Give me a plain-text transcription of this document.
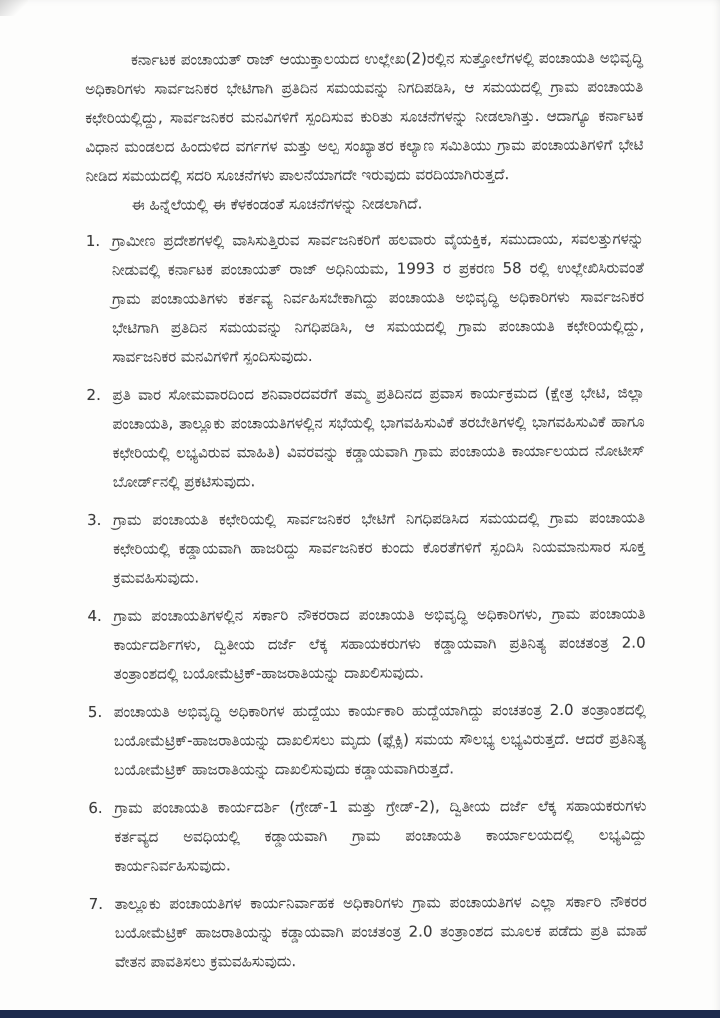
ಕರ್ನಾಟಕ ಪಂಚಾಯತ್ ರಾಜ್ ಆಯುಕ್ತಾಲಯದ ಉಲ್ಲೇಖ(2)ರಲ್ಲಿನ ಸುತ್ತೋಲೆಗಳಲ್ಲಿ ಪಂಚಾಯತಿ ಅಭಿವೃದ್ಧಿ ಅಧಿಕಾರಿಗಳು ಸಾರ್ವಜನಿಕರ ಭೇಟಿಗಾಗಿ ಪ್ರತಿದಿನ ಸಮಯವನ್ನು ನಿಗದಿಪಡಿಸಿ, ಆ ಸಮಯದಲ್ಲಿ ಗ್ರಾಮ ಪಂಚಾಯತಿ ಕಛೇರಿಯಲ್ಲಿದ್ದು, ಸಾರ್ವಜನಿಕರ ಮನವಿಗಳಿಗೆ ಸ್ಪಂದಿಸುವ ಕುರಿತು ಸೂಚನೆಗಳನ್ನು ನೀಡಲಾಗಿತ್ತು. ಆದಾಗ್ಯೂ ಕರ್ನಾಟಕ ವಿಧಾನ ಮಂಡಲದ ಹಿಂದುಳಿದ ವರ್ಗಗಳ ಮತ್ತು ಅಲ್ಪ ಸಂಖ್ಯಾತರ ಕಲ್ಯಾಣ ಸಮಿತಿಯು ಗ್ರಾಮ ಪಂಚಾಯತಿಗಳಿಗೆ ಭೇಟಿ ನೀಡಿದ ಸಮಯದಲ್ಲಿ ಸದರಿ ಸೂಚನೆಗಳು ಪಾಲನೆಯಾಗದೇ ಇರುವುದು ವರದಿಯಾಗಿರುತ್ತದೆ.

ಈ ಹಿನ್ನೆಲೆಯಲ್ಲಿ ಈ ಕೆಳಕಂಡಂತೆ ಸೂಚನೆಗಳನ್ನು ನೀಡಲಾಗಿದೆ.

1. ಗ್ರಾಮೀಣ ಪ್ರದೇಶಗಳಲ್ಲಿ ವಾಸಿಸುತ್ತಿರುವ ಸಾರ್ವಜನಿಕರಿಗೆ ಹಲವಾರು ವೈಯಕ್ತಿಕ, ಸಮುದಾಯ, ಸವಲತ್ತುಗಳನ್ನು ನೀಡುವಲ್ಲಿ ಕರ್ನಾಟಕ ಪಂಚಾಯತ್ ರಾಜ್ ಅಧಿನಿಯಮ, 1993 ರ ಪ್ರಕರಣ 58 ರಲ್ಲಿ ಉಲ್ಲೇಖಿಸಿರುವಂತೆ ಗ್ರಾಮ ಪಂಚಾಯತಿಗಳು ಕರ್ತವ್ಯ ನಿರ್ವಹಿಸಬೇಕಾಗಿದ್ದು ಪಂಚಾಯತಿ ಅಭಿವೃದ್ಧಿ ಅಧಿಕಾರಿಗಳು ಸಾರ್ವಜನಿಕರ ಭೇಟಿಗಾಗಿ ಪ್ರತಿದಿನ ಸಮಯವನ್ನು ನಿಗಧಿಪಡಿಸಿ, ಆ ಸಮಯದಲ್ಲಿ ಗ್ರಾಮ ಪಂಚಾಯತಿ ಕಛೇರಿಯಲ್ಲಿದ್ದು, ಸಾರ್ವಜನಿಕರ ಮನವಿಗಳಿಗೆ ಸ್ಪಂದಿಸುವುದು.
2. ಪ್ರತಿ ವಾರ ಸೋಮವಾರದಿಂದ ಶನಿವಾರದವರೆಗೆ ತಮ್ಮ ಪ್ರತಿದಿನದ ಪ್ರವಾಸ ಕಾರ್ಯಕ್ರಮದ (ಕ್ಷೇತ್ರ ಭೇಟಿ, ಜಿಲ್ಲಾ ಪಂಚಾಯತಿ, ತಾಲ್ಲೂಕು ಪಂಚಾಯತಿಗಳಲ್ಲಿನ ಸಭೆಯಲ್ಲಿ ಭಾಗವಹಿಸುವಿಕೆ ತರಬೇತಿಗಳಲ್ಲಿ ಭಾಗವಹಿಸುವಿಕೆ ಹಾಗೂ ಕಛೇರಿಯಲ್ಲಿ ಲಭ್ಯವಿರುವ ಮಾಹಿತಿ) ವಿವರವನ್ನು ಕಡ್ಡಾಯವಾಗಿ ಗ್ರಾಮ ಪಂಚಾಯತಿ ಕಾರ್ಯಾಲಯದ ನೋಟೀಸ್ ಬೋರ್ಡ್‌ನಲ್ಲಿ ಪ್ರಕಟಿಸುವುದು.
3. ಗ್ರಾಮ ಪಂಚಾಯತಿ ಕಛೇರಿಯಲ್ಲಿ ಸಾರ್ವಜನಿಕರ ಭೇಟಿಗೆ ನಿಗಧಿಪಡಿಸಿದ ಸಮಯದಲ್ಲಿ ಗ್ರಾಮ ಪಂಚಾಯತಿ ಕಛೇರಿಯಲ್ಲಿ ಕಡ್ಡಾಯವಾಗಿ ಹಾಜರಿದ್ದು ಸಾರ್ವಜನಿಕರ ಕುಂದು ಕೊರತೆಗಳಿಗೆ ಸ್ಪಂದಿಸಿ ನಿಯಮಾನುಸಾರ ಸೂಕ್ತ ಕ್ರಮವಹಿಸುವುದು.
4. ಗ್ರಾಮ ಪಂಚಾಯತಿಗಳಲ್ಲಿನ ಸರ್ಕಾರಿ ನೌಕರರಾದ ಪಂಚಾಯತಿ ಅಭಿವೃದ್ಧಿ ಅಧಿಕಾರಿಗಳು, ಗ್ರಾಮ ಪಂಚಾಯತಿ ಕಾರ್ಯದರ್ಶಿಗಳು, ದ್ವಿತೀಯ ದರ್ಜೆ ಲೆಕ್ಕ ಸಹಾಯಕರುಗಳು ಕಡ್ಡಾಯವಾಗಿ ಪ್ರತಿನಿತ್ಯ ಪಂಚತಂತ್ರ 2.0 ತಂತ್ರಾಂಶದಲ್ಲಿ ಬಯೋಮೆಟ್ರಿಕ್-ಹಾಜರಾತಿಯನ್ನು ದಾಖಲಿಸುವುದು.
5. ಪಂಚಾಯತಿ ಅಭಿವೃದ್ಧಿ ಅಧಿಕಾರಿಗಳ ಹುದ್ದೆಯು ಕಾರ್ಯಕಾರಿ ಹುದ್ದೆಯಾಗಿದ್ದು ಪಂಚತಂತ್ರ 2.0 ತಂತ್ರಾಂಶದಲ್ಲಿ ಬಯೋಮೆಟ್ರಿಕ್-ಹಾಜರಾತಿಯನ್ನು ದಾಖಲಿಸಲು ಮೃದು (ಫ್ಲೆಕ್ಸಿ) ಸಮಯ ಸೌಲಭ್ಯ ಲಭ್ಯವಿರುತ್ತದೆ. ಆದರೆ ಪ್ರತಿನಿತ್ಯ ಬಯೋಮೆಟ್ರಿಕ್ ಹಾಜರಾತಿಯನ್ನು ದಾಖಲಿಸುವುದು ಕಡ್ಡಾಯವಾಗಿರುತ್ತದೆ.
6. ಗ್ರಾಮ ಪಂಚಾಯತಿ ಕಾರ್ಯದರ್ಶಿ (ಗ್ರೇಡ್-1 ಮತ್ತು ಗ್ರೇಡ್-2), ದ್ವಿತೀಯ ದರ್ಜೆ ಲೆಕ್ಕ ಸಹಾಯಕರುಗಳು ಕರ್ತವ್ಯದ ಅವಧಿಯಲ್ಲಿ ಕಡ್ಡಾಯವಾಗಿ ಗ್ರಾಮ ಪಂಚಾಯತಿ ಕಾರ್ಯಾಲಯದಲ್ಲಿ ಲಭ್ಯವಿದ್ದು ಕಾರ್ಯನಿರ್ವಹಿಸುವುದು.
7. ತಾಲ್ಲೂಕು ಪಂಚಾಯತಿಗಳ ಕಾರ್ಯನಿರ್ವಾಹಕ ಅಧಿಕಾರಿಗಳು ಗ್ರಾಮ ಪಂಚಾಯತಿಗಳ ಎಲ್ಲಾ ಸರ್ಕಾರಿ ನೌಕರರ ಬಯೋಮೆಟ್ರಿಕ್ ಹಾಜರಾತಿಯನ್ನು ಕಡ್ಡಾಯವಾಗಿ ಪಂಚತಂತ್ರ 2.0 ತಂತ್ರಾಂಶದ ಮೂಲಕ ಪಡೆದು ಪ್ರತಿ ಮಾಹೆ ವೇತನ ಪಾವತಿಸಲು ಕ್ರಮವಹಿಸುವುದು.
